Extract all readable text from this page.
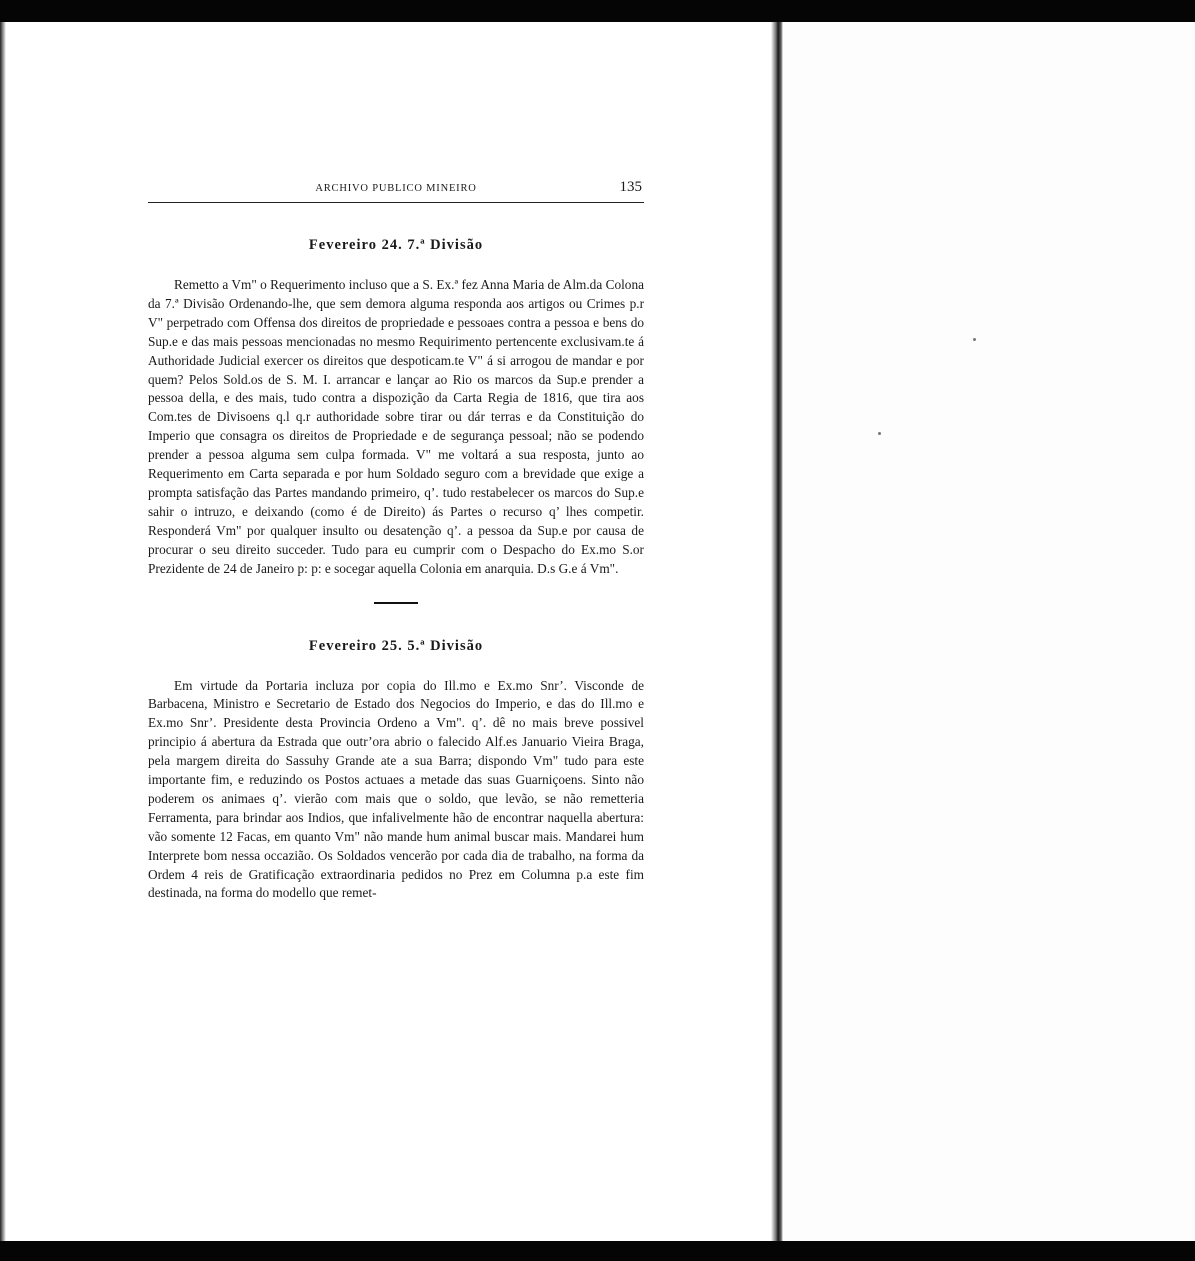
ARCHIVO PUBLICO MINEIRO	135
Fevereiro 24. 7.ª Divisão

Remetto a Vm" o Requerimento incluso que a S. Ex.ª fez Anna Maria de Alm.da Colona da 7.ª Divisão Ordenando-lhe, que sem demora alguma responda aos artigos ou Crimes p.r V" perpetrado com Offensa dos direitos de propriedade e pessoaes contra a pessoa e bens do Sup.e e das mais pessoas mencionadas no mesmo Requirimento pertencente exclusivam.te á Authoridade Judicial exercer os direitos que despoticam.te V" á si arrogou de mandar e por quem? Pelos Sold.os de S. M. I. arrancar e lançar ao Rio os marcos da Sup.e prender a pessoa della, e des mais, tudo contra a dispozição da Carta Regia de 1816, que tira aos Com.tes de Divisoens q.l q.r authoridade sobre tirar ou dár terras e da Constituição do Imperio que consagra os direitos de Propriedade e de segurança pessoal; não se podendo prender a pessoa alguma sem culpa formada. V" me voltará a sua resposta, junto ao Requerimento em Carta separada e por hum Soldado seguro com a brevidade que exige a prompta satisfação das Partes mandando primeiro, q’. tudo restabelecer os marcos do Sup.e sahir o intruzo, e deixando (como é de Direito) ás Partes o recurso q’ lhes competir. Responderá Vm" por qualquer insulto ou desatenção q’. a pessoa da Sup.e por causa de procurar o seu direito succeder. Tudo para eu cumprir com o Despacho do Ex.mo S.or Prezidente de 24 de Janeiro p: p: e socegar aquella Colonia em anarquia. D.s G.e á Vm".

Fevereiro 25. 5.ª Divisão

Em virtude da Portaria incluza por copia do Ill.mo e Ex.mo Snr’. Visconde de Barbacena, Ministro e Secretario de Estado dos Negocios do Imperio, e das do Ill.mo e Ex.mo Snr’. Presidente desta Provincia Ordeno a Vm". q’. dê no mais breve possivel principio á abertura da Estrada que outr’ora abrio o falecido Alf.es Januario Vieira Braga, pela margem direita do Sassuhy Grande ate a sua Barra; dispondo Vm" tudo para este importante fim, e reduzindo os Postos actuaes a metade das suas Guarniçoens. Sinto não poderem os animaes q’. vierão com mais que o soldo, que levão, se não remetteria Ferramenta, para brindar aos Indios, que infalivelmente hão de encontrar naquella abertura: vão somente 12 Facas, em quanto Vm" não mande hum animal buscar mais. Mandarei hum Interprete bom nessa occazião. Os Soldados vencerão por cada dia de trabalho, na forma da Ordem 4 reis de Gratificação extraordinaria pedidos no Prez em Columna p.a este fim destinada, na forma do modello que remet-
